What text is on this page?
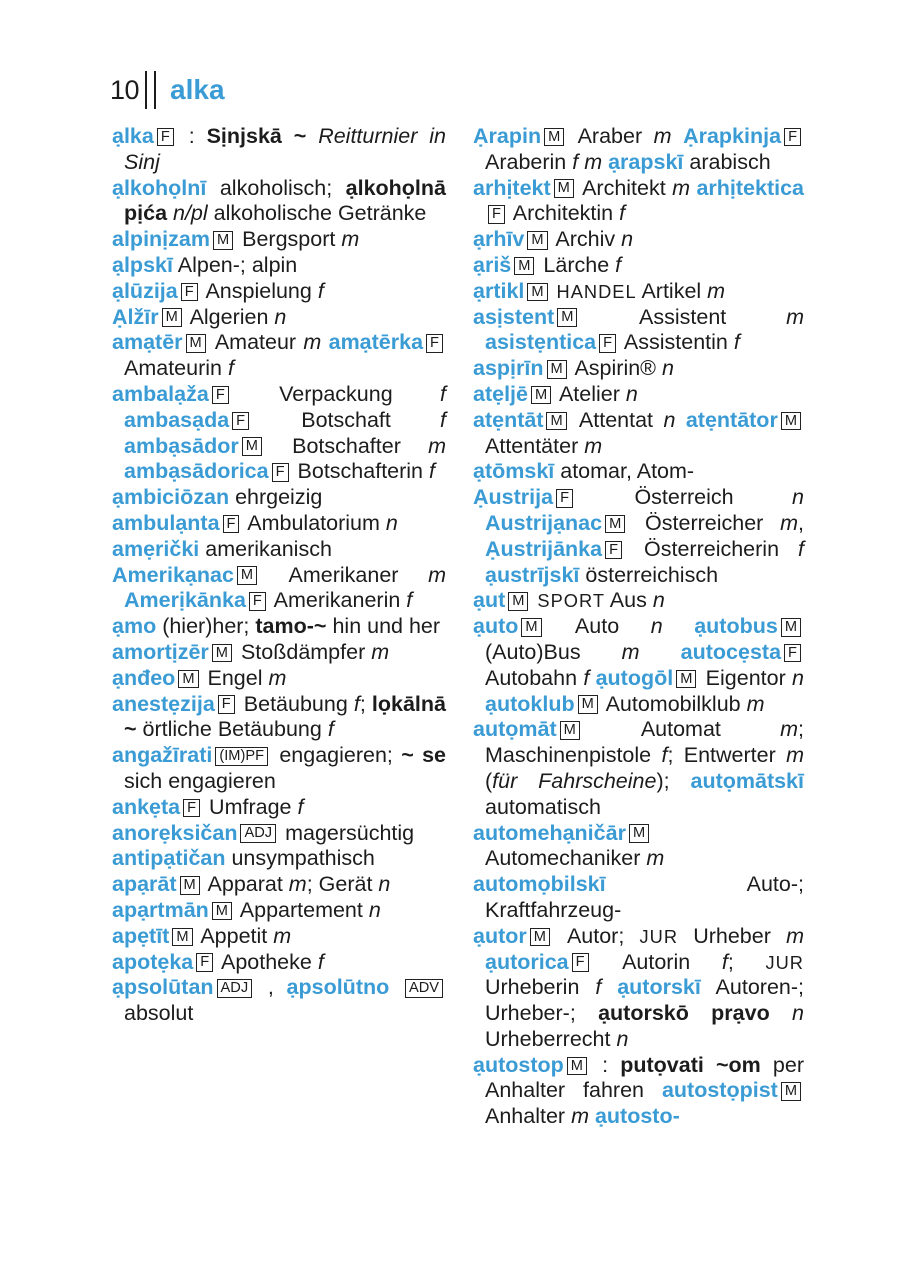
10 alka

ạlka F : Sịnjskā ~ Reitturnier in Sinj

ạlkohọlnī alkoholisch; ạlkohọlnā pịća n/pl alkoholische Getränke

alpinịzam M Bergsport m

ạlpskī Alpen-; alpin

ạlūzija F Anspielung f

Ạlžīr M Algerien n

amạtēr M Amateur m amạtērka F Amateurin f

ambalạža F	Verpackung f ambasạda F	Botschaft f ambạsādor M Botschafter m ambạsādorica F Botschafterin f

ạmbiciōzan ehrgeizig

ambulạnta F Ambulatorium n

amẹrički amerikanisch

Amerikạnac M Amerikaner m Amerịkānka F Amerikanerin f

ạmo (hier)her; tamo-~ hin und her

amortịzēr M Stoßdämpfer m

ạnđeo M Engel m

anestẹzija F Betäubung f; lọkālnā ~ örtliche Betäubung f

angažīrati (IM)PF engagieren; ~ se sich engagieren

ankẹta F Umfrage f

anorẹksičan ADJ magersüchtig

antipạtičan unsympathisch

apạrāt M Apparat m; Gerät n

apạrtmān M Appartement n

apẹtīt M Appetit m

apotẹka F Apotheke f

ạpsolūtan ADJ , ạpsolūtno ADV absolut

Ạrapin M Araber m Ạrapkinja F Araberin f m ạrapskī arabisch

arhịtekt M Architekt m arhịtekticaF Architektin f

ạrhīv M Archiv n

ạriš M Lärche f

ạrtikl M HANDEL Artikel m

asịstent M	Assistent m asistẹntica F Assistentin f

aspịrīn M Aspirin® n

atẹljē M Atelier n

atẹntāt M Attentat n atẹntātor M Attentäter m

ạtōmskī atomar, Atom-

Ạustrija F	Österreich n Austrijạnac M Österreicher m, Ạustrijānka F Österreicherin f ạustrījskī österreichisch

ạut M SPORT Aus n

ạuto M Auto n ạutobus M (Auto)Bus m autocẹsta F Autobahn f ạutogōl M Eigentor n ạutoklub M Automobilklub m

autọmāt M	Automat m; Maschinenpistole f; Entwerter m (für Fahrscheine); autọmātskī automatisch

automehạničār M Automechaniker m

automọbilskī Auto-; Kraftfahrzeug-

ạutor M Autor; JUR Urheber m ạutorica F Autorin f; JUR Urheberin f ạutorskī Autoren-; Urheber-; ạutorskō prạvo n Urheberrecht n

ạutostop M : putọvati ~om per Anhalter fahren autostọpist M Anhalter m ạutosto-
